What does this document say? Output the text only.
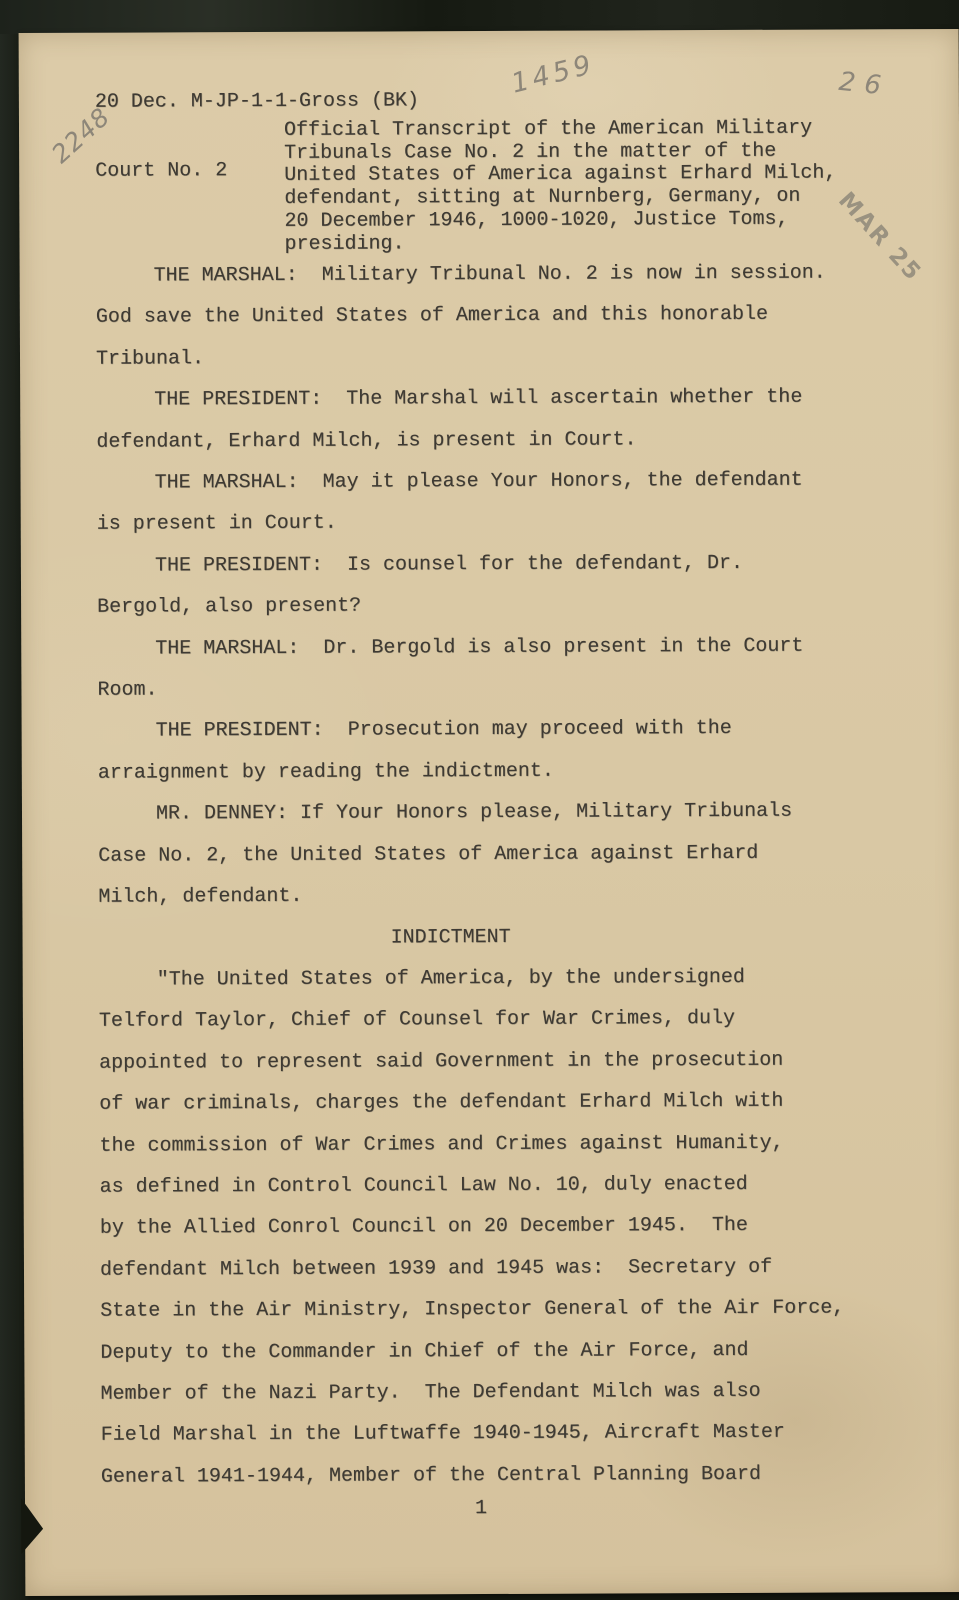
20 Dec. M-JP-1-1-Gross (BK)

Court No. 2

1459	26
2248
MAR 25
Official Transcript of the American Military
Tribunals Case No. 2 in the matter of the
United States of America against Erhard Milch,
defendant, sitting at Nurnberg, Germany, on
20 December 1946, 1000-1020, Justice Toms,
presiding.
THE MARSHAL:  Military Tribunal No. 2 is now in session.
God save the United States of America and this honorable
Tribunal.
THE PRESIDENT:  The Marshal will ascertain whether the
defendant, Erhard Milch, is present in Court.
THE MARSHAL:  May it please Your Honors, the defendant
is present in Court.
THE PRESIDENT:  Is counsel for the defendant, Dr.
Bergold, also present?
THE MARSHAL:  Dr. Bergold is also present in the Court
Room.
THE PRESIDENT:  Prosecution may proceed with the
arraignment by reading the indictment.
MR. DENNEY: If Your Honors please, Military Tribunals
Case No. 2, the United States of America against Erhard
Milch, defendant.
INDICTMENT
"The United States of America, by the undersigned
Telford Taylor, Chief of Counsel for War Crimes, duly
appointed to represent said Government in the prosecution
of war criminals, charges the defendant Erhard Milch with
the commission of War Crimes and Crimes against Humanity,
as defined in Control Council Law No. 10, duly enacted
by the Allied Conrol Council on 20 December 1945.  The
defendant Milch between 1939 and 1945 was:  Secretary of
State in the Air Ministry, Inspector General of the Air Force,
Deputy to the Commander in Chief of the Air Force, and
Member of the Nazi Party.  The Defendant Milch was also
Field Marshal in the Luftwaffe 1940-1945, Aircraft Master
General 1941-1944, Member of the Central Planning Board
1
